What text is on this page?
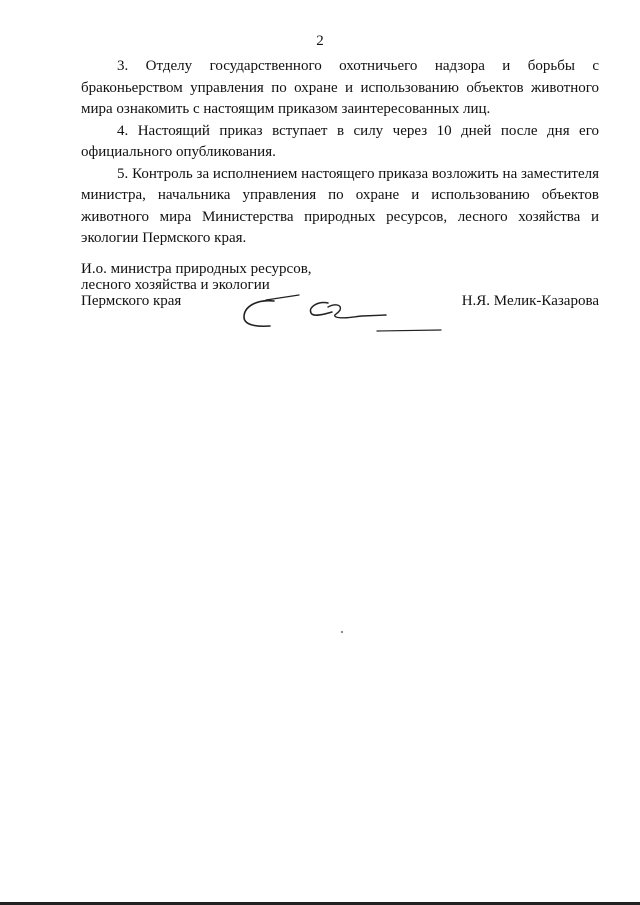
2

3. Отделу государственного охотничьего надзора и борьбы с браконьерством управления по охране и использованию объектов животного мира ознакомить с настоящим приказом заинтересованных лиц.

4. Настоящий приказ вступает в силу через 10 дней после дня его официального опубликования.

5. Контроль за исполнением настоящего приказа возложить на заместителя министра, начальника управления по охране и использованию объектов животного мира Министерства природных ресурсов, лесного хозяйства и экологии Пермского края.

И.о. министра природных ресурсов,
лесного хозяйства и экологии
Пермского края	Н.Я. Мелик-Казарова
